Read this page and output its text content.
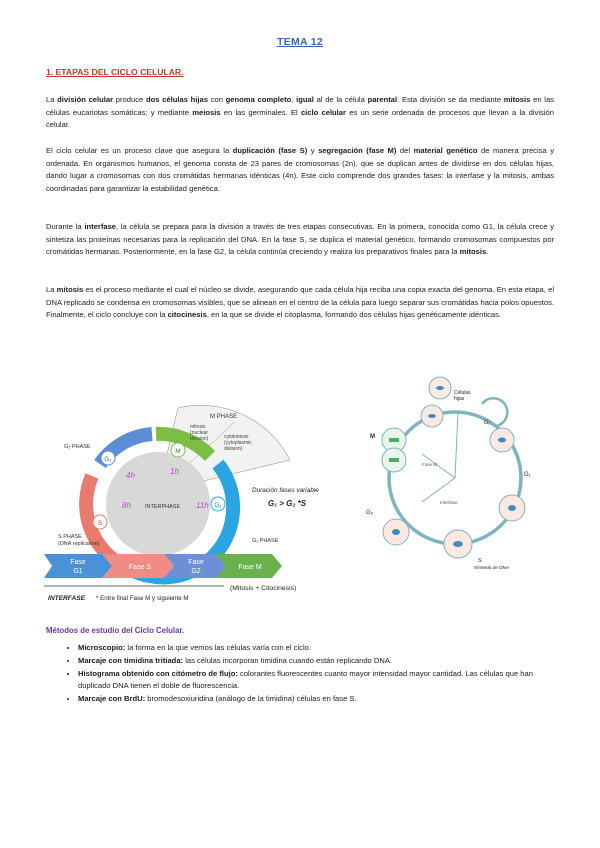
TEMA 12
1. ETAPAS DEL CICLO CELULAR.

La división celular produce dos células hijas con genoma completo, igual al de la célula parental. Esta división se da mediante mitosis en las células eucariotas somáticas; y mediante meiosis en las germinales. El ciclo celular es un serie ordenada de procesos que llevan a la división celular.

El ciclo celular es un proceso clave que asegura la duplicación (fase S) y segregación (fase M) del material genético de manera precisa y ordenada. En organismos humanos, el genoma consta de 23 pares de cromosomas (2n), que se duplican antes de dividirse en dos células hijas, dando lugar a cromosomas con dos cromátidas hermanas idénticas (4n). Este ciclo comprende dos grandes fases: la interfase y la mitosis, ambas coordinadas para garantizar la estabilidad genética.

Durante la interfase, la célula se prepara para la división a través de tres etapas consecutivas. En la primera, conocida como G1, la célula crece y sintetiza las proteínas necesarias para la replicación del DNA. En la fase S, se duplica el material genético, formando cromosomas compuestos por cromátidas hermanas. Posteriormente, en la fase G2, la célula continúa creciendo y realiza los preparativos finales para la mitosis.

La mitosis es el proceso mediante el cual el núcleo se divide, asegurando que cada célula hija reciba una copia exacta del genoma. En esta etapa, el DNA replicado se condensa en cromosomas visibles, que se alinean en el centro de la célula para luego separar sus cromátidas hacia polos opuestos. Finalmente, el ciclo concluye con la citocinesis, en la que se divide el citoplasma, formando dos células hijas genéticamente idénticas.

G₂
M
G₁
S
M PHASE
mitosis
(nuclear
division)	cytokinesis
(cytoplasmic
division)
G₂ PHASE
G₁ PHASE
S PHASE
(DNA replication)
INTERPHASE
4h	1h
8h	11h
Duración fases variable
G₁ > G₂ *S
Fase
G1
Fase S
Fase
G2
Fase M
(Mitosis + Citocinesis)
INTERFASE * Entre final Fase M y siguiente M
G₂
Células
hijas
M
G₀
G₁
Fase M
Interfase
S
Síntesis de DNA
Métodos de estudio del Ciclo Celular.
• Microscopio: la forma en la que vemos las células varía con el ciclo.
• Marcaje con timidina tritiada: las células incorporan timidina cuando están replicando DNA.
• Histograma obtenido con citómetro de flujo: colorantes fluorescentes cuanto mayor intensidad mayor cantidad. Las células que han duplicado DNA tienen el doble de fluorescencia.
• Marcaje con BrdU: bromodesoxiuridina (análogo de la timidina) células en fase S.
